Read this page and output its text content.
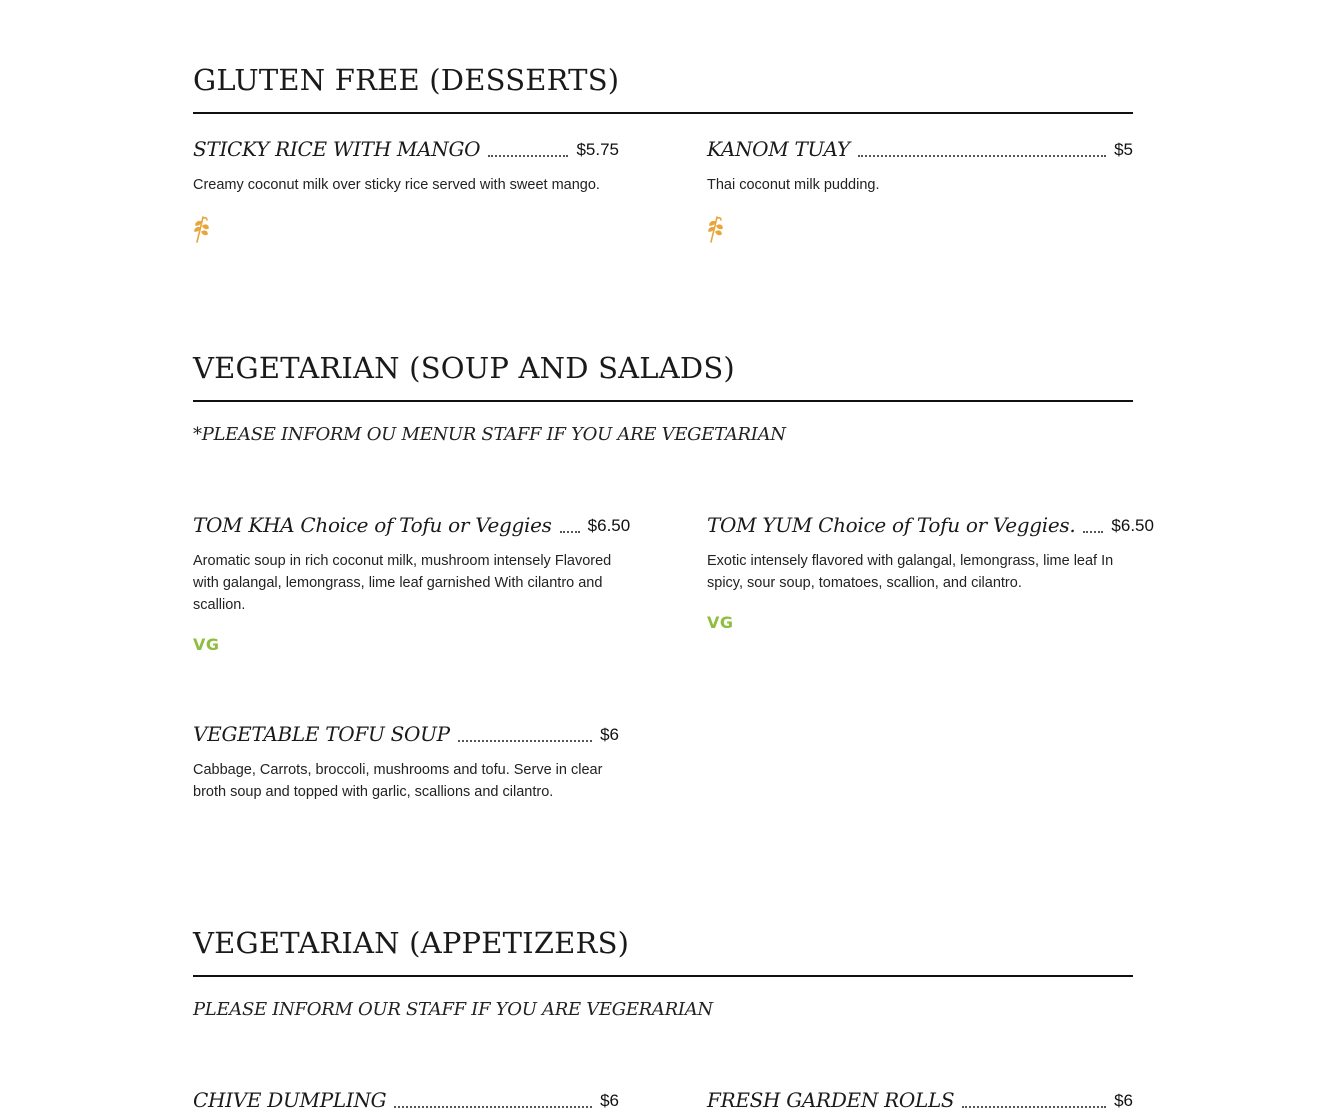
GLUTEN FREE (DESSERTS)
STICKY RICE WITH MANGO	$5.75
Creamy coconut milk over sticky rice served with sweet mango.
KANOM TUAY	$5
Thai coconut milk pudding.
VEGETARIAN (SOUP AND SALADS)
*PLEASE INFORM OU MENUR STAFF IF YOU ARE VEGETARIAN
TOM KHA Choice of Tofu or Veggies $6.50
Aromatic soup in rich coconut milk, mushroom intensely Flavored with galangal, lemongrass, lime leaf garnished With cilantro and scallion.
VG
TOM YUM Choice of Tofu or Veggies. $6.50
Exotic intensely flavored with galangal, lemongrass, lime leaf In spicy, sour soup, tomatoes, scallion, and cilantro.
VG
VEGETABLE TOFU SOUP	$6
Cabbage, Carrots, broccoli, mushrooms and tofu. Serve in clear broth soup and topped with garlic, scallions and cilantro.
VEGETARIAN (APPETIZERS)
PLEASE INFORM OUR STAFF IF YOU ARE VEGERARIAN
CHIVE DUMPLING	$6	FRESH GARDEN ROLLS	$6
